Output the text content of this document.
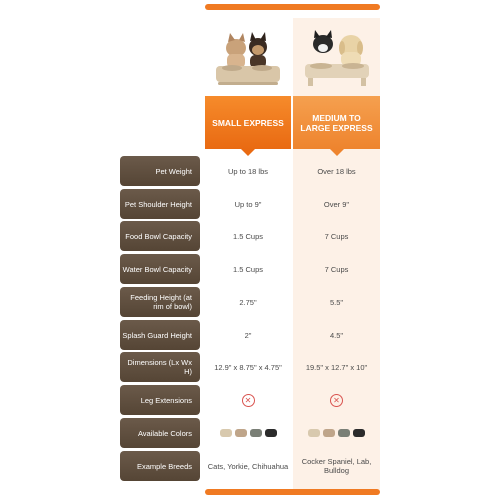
SMALL EXPRESS	MEDIUM TO LARGE EXPRESS
Pet Weight	Up to 18 lbs	Over 18 lbs
Pet Shoulder Height	Up to 9"	Over 9"
Food Bowl Capacity	1.5 Cups	7 Cups
Water Bowl Capacity	1.5 Cups	7 Cups
Feeding Height (at rim of bowl)	2.75"	5.5"
Splash Guard Height	2"	4.5"
Dimensions (Lx Wx H)	12.9" x 8.75" x 4.75"	19.5" x 12.7" x 10"
Leg Extensions	✕	✕
Available Colors
Example Breeds	Cats, Yorkie, Chihuahua	Cocker Spaniel, Lab, Bulldog
